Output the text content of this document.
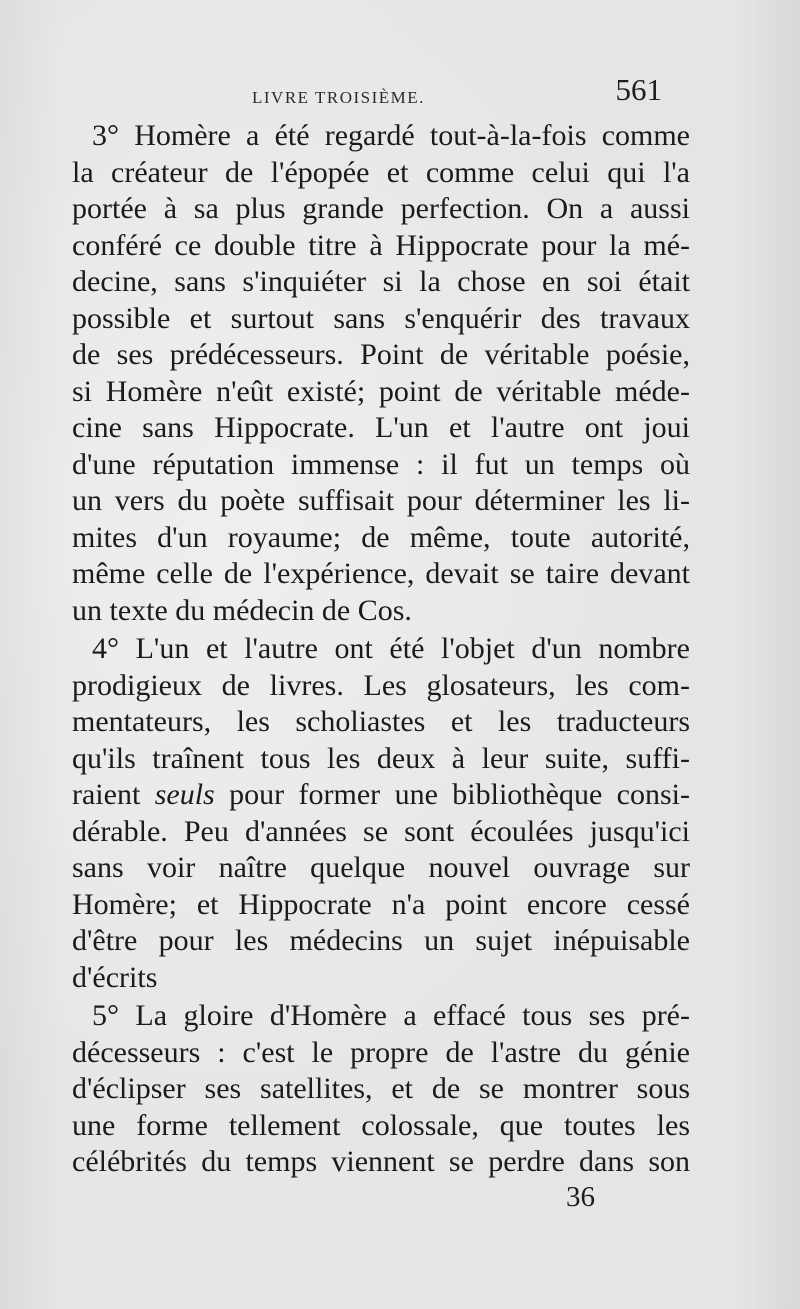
LIVRE TROISIÈME.	561

3° Homère a été regardé tout-à-la-fois comme
la créateur de l'épopée et comme celui qui l'a
portée à sa plus grande perfection. On a aussi
conféré ce double titre à Hippocrate pour la mé-
decine, sans s'inquiéter si la chose en soi était
possible et surtout sans s'enquérir des travaux
de ses prédécesseurs. Point de véritable poésie,
si Homère n'eût existé; point de véritable méde-
cine sans Hippocrate. L'un et l'autre ont joui
d'une réputation immense : il fut un temps où
un vers du poète suffisait pour déterminer les li-
mites d'un royaume; de même, toute autorité,
même celle de l'expérience, devait se taire devant
un texte du médecin de Cos.

4° L'un et l'autre ont été l'objet d'un nombre
prodigieux de livres. Les glosateurs, les com-
mentateurs, les scholiastes et les traducteurs
qu'ils traînent tous les deux à leur suite, suffi-
raient seuls pour former une bibliothèque consi-
dérable. Peu d'années se sont écoulées jusqu'ici
sans voir naître quelque nouvel ouvrage sur
Homère; et Hippocrate n'a point encore cessé
d'être pour les médecins un sujet inépuisable
d'écrits

5° La gloire d'Homère a effacé tous ses pré-
décesseurs : c'est le propre de l'astre du génie
d'éclipser ses satellites, et de se montrer sous
une forme tellement colossale, que toutes les
célébrités du temps viennent se perdre dans son

36
